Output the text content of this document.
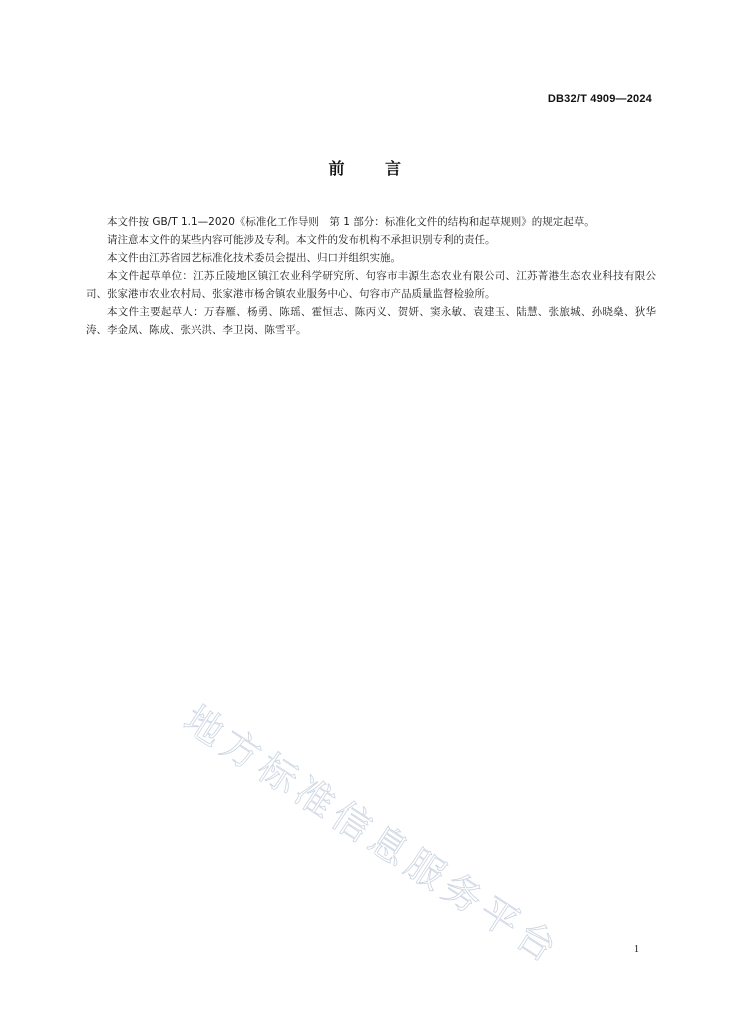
DB32/T 4909—2024
前	言

本文件按 GB/T 1.1—2020《标准化工作导则　第 1 部分：标准化文件的结构和起草规则》的规定起草。

请注意本文件的某些内容可能涉及专利。本文件的发布机构不承担识别专利的责任。

本文件由江苏省园艺标准化技术委员会提出、归口并组织实施。

本文件起草单位：江苏丘陵地区镇江农业科学研究所、句容市丰源生态农业有限公司、江苏菁港生态农业科技有限公司、张家港市农业农村局、张家港市杨舍镇农业服务中心、句容市产品质量监督检验所。

本文件主要起草人：万春雁、杨勇、陈瑶、霍恒志、陈丙义、贺妍、窦永敏、袁建玉、陆慧、张旅城、孙晓燊、狄华涛、李金凤、陈成、张兴洪、李卫岗、陈雪平。

地方标准信息服务平台	1
